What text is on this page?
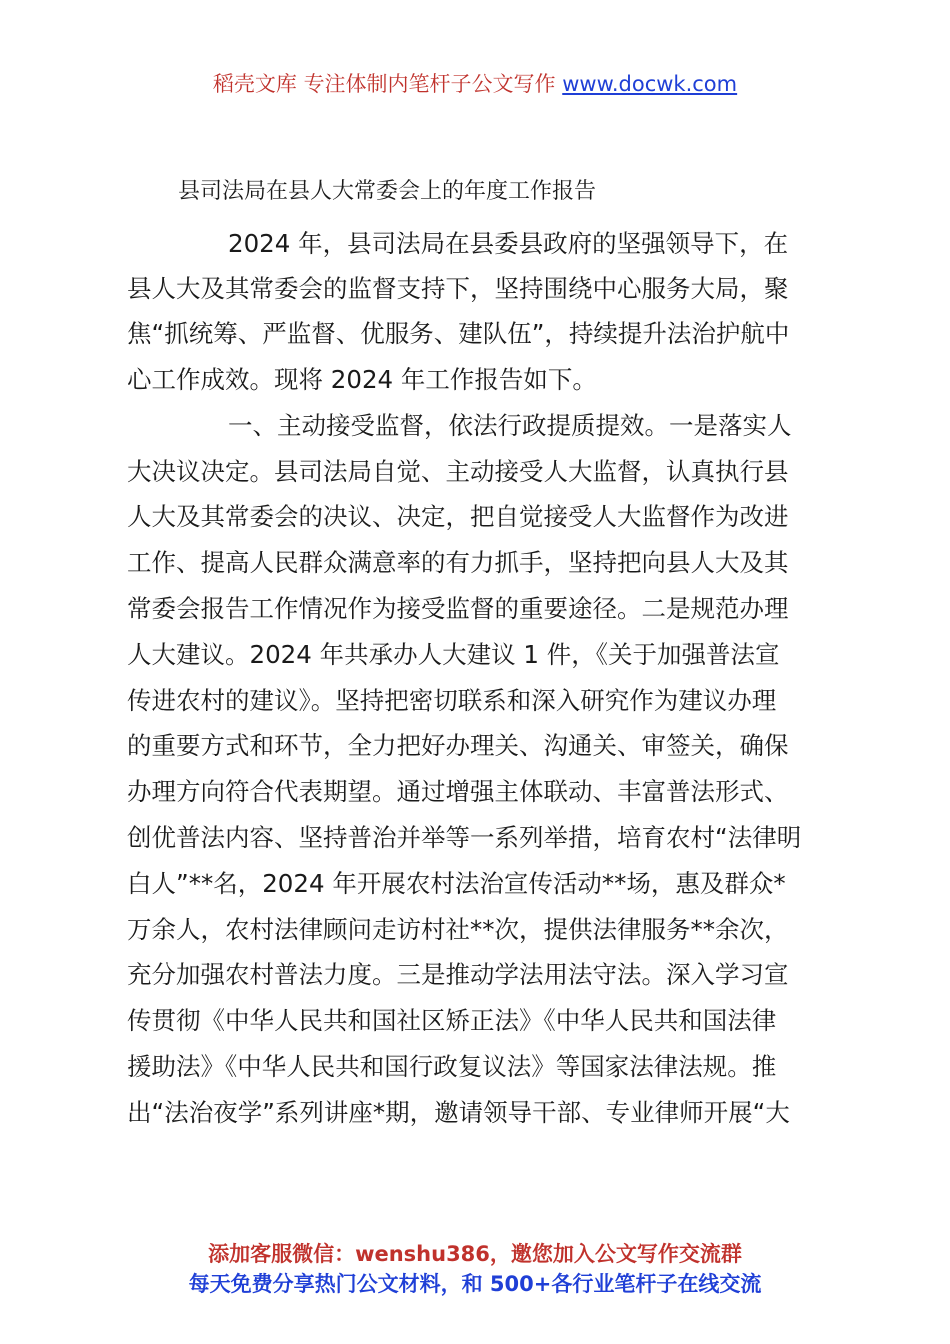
稻壳文库 专注体制内笔杆子公文写作 www.docwk.com
县司法局在县人大常委会上的年度工作报告
2024 年，县司法局在县委县政府的坚强领导下，在
县人大及其常委会的监督支持下，坚持围绕中心服务大局，聚
焦“抓统筹、严监督、优服务、建队伍”，持续提升法治护航中
心工作成效。现将 2024 年工作报告如下。
一、主动接受监督，依法行政提质提效。一是落实人
大决议决定。县司法局自觉、主动接受人大监督，认真执行县
人大及其常委会的决议、决定，把自觉接受人大监督作为改进
工作、提高人民群众满意率的有力抓手，坚持把向县人大及其
常委会报告工作情况作为接受监督的重要途径。二是规范办理
人大建议。2024 年共承办人大建议 1 件，《关于加强普法宣
传进农村的建议》。坚持把密切联系和深入研究作为建议办理
的重要方式和环节，全力把好办理关、沟通关、审签关，确保
办理方向符合代表期望。通过增强主体联动、丰富普法形式、
创优普法内容、坚持普治并举等一系列举措，培育农村“法律明
白人”**名，2024 年开展农村法治宣传活动**场，惠及群众*
万余人，农村法律顾问走访村社**次，提供法律服务**余次，
充分加强农村普法力度。三是推动学法用法守法。深入学习宣
传贯彻《中华人民共和国社区矫正法》《中华人民共和国法律
援助法》《中华人民共和国行政复议法》等国家法律法规。推
出“法治夜学”系列讲座*期，邀请领导干部、专业律师开展“大
添加客服微信：wenshu386，邀您加入公文写作交流群
每天免费分享热门公文材料，和 500+各行业笔杆子在线交流
